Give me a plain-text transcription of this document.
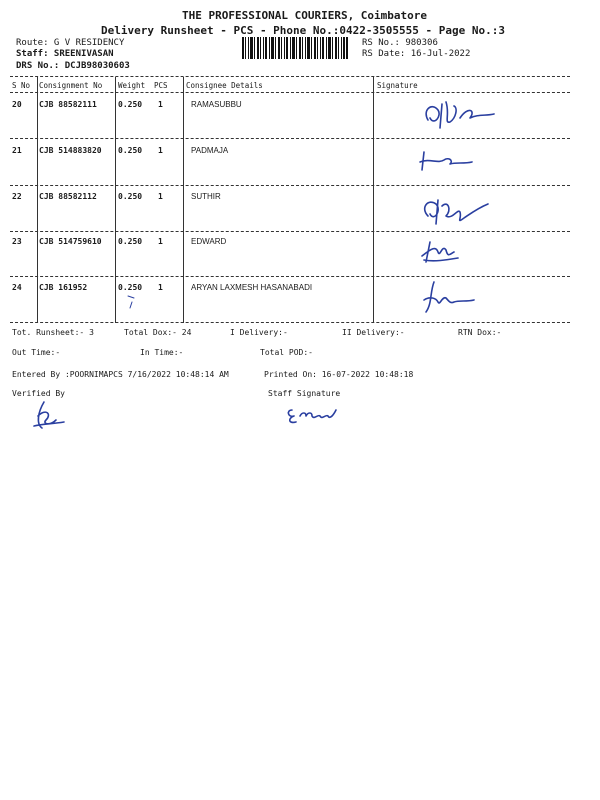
THE PROFESSIONAL COURIERS, Coimbatore
Delivery Runsheet - PCS - Phone No.:0422-3505555 - Page No.:3
Route: G V RESIDENCY
Staff: SREENIVASAN
DRS No.: DCJB98030603
RS No.: 980306
RS Date: 16-Jul-2022
S No Consignment No Weight PCS Consignee Details	Signature
20 CJB 88582111	0.250 1	RAMASUBBU
21 CJB 514883820 0.250 1	PADMAJA
22 CJB 88582112	0.250 1	SUTHIR
23 CJB 514759610 0.250 1	EDWARD
24 CJB 161952	0.250 1	ARYAN LAXMESH HASANABADI
Tot. Runsheet:- 3	Total Dox:- 24	I Delivery:-	II Delivery:-	RTN Dox:-
Out Time:-	In Time:-	Total POD:-
Entered By :POORNIMAPCS 7/16/2022 10:48:14 AM	Printed On: 16-07-2022 10:48:18
Verified By	Staff Signature
